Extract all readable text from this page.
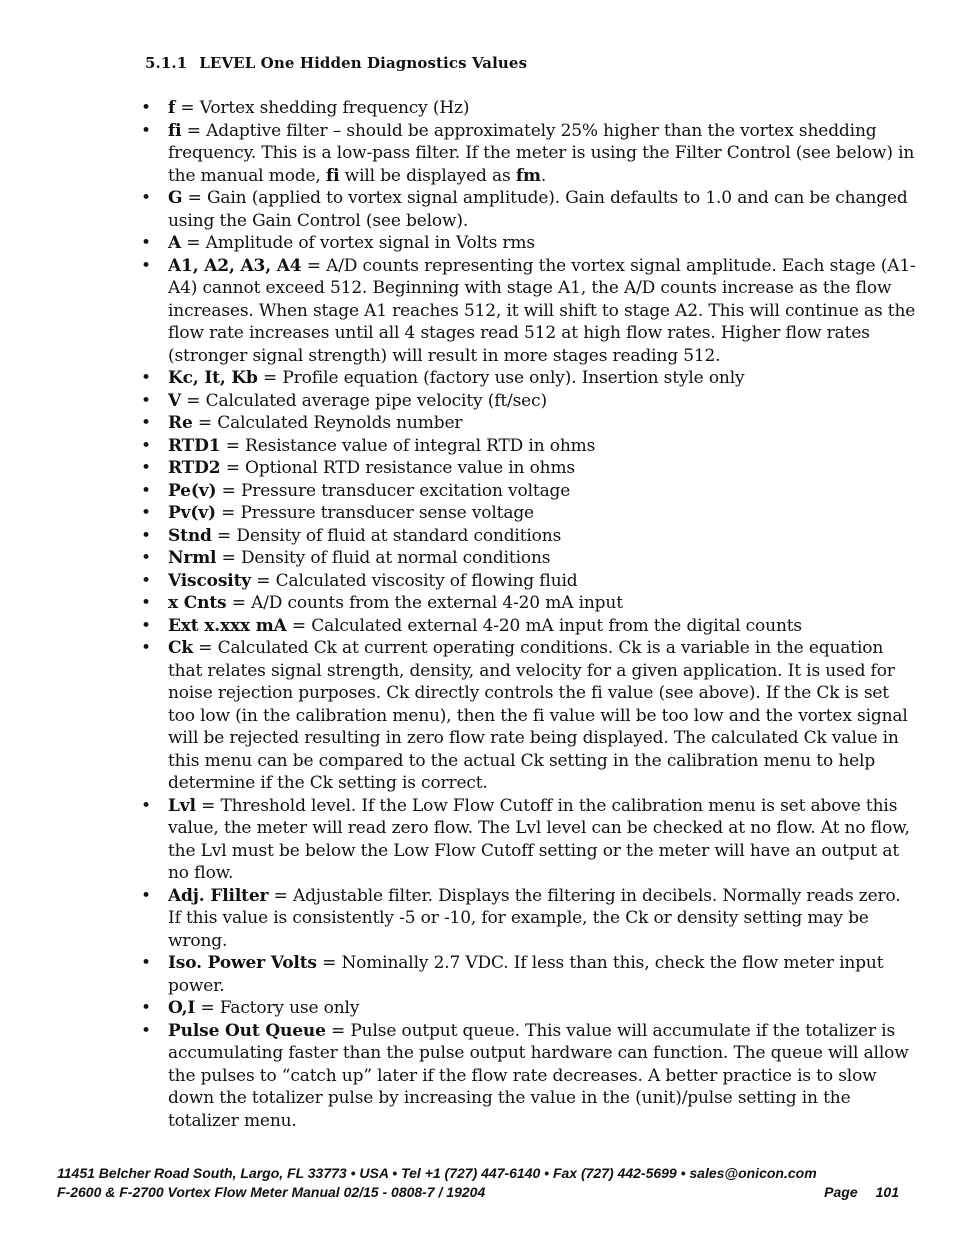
5.1.1 LEVEL One Hidden Diagnostics Values
• f = Vortex shedding frequency (Hz)
• fi = Adaptive filter – should be approximately 25% higher than the vortex shedding frequency. This is a low-pass filter. If the meter is using the Filter Control (see below) in the manual mode, fi will be displayed as fm.
• G = Gain (applied to vortex signal amplitude). Gain defaults to 1.0 and can be changed using the Gain Control (see below).
• A = Amplitude of vortex signal in Volts rms
• A1, A2, A3, A4 = A/D counts representing the vortex signal amplitude. Each stage (A1-A4) cannot exceed 512. Beginning with stage A1, the A/D counts increase as the flow increases. When stage A1 reaches 512, it will shift to stage A2. This will continue as the flow rate increases until all 4 stages read 512 at high flow rates. Higher flow rates (stronger signal strength) will result in more stages reading 512.
• Kc, It, Kb = Profile equation (factory use only). Insertion style only
• V = Calculated average pipe velocity (ft/sec)
• Re = Calculated Reynolds number
• RTD1 = Resistance value of integral RTD in ohms
• RTD2 = Optional RTD resistance value in ohms
• Pe(v) = Pressure transducer excitation voltage
• Pv(v) = Pressure transducer sense voltage
• Stnd = Density of fluid at standard conditions
• Nrml = Density of fluid at normal conditions
• Viscosity = Calculated viscosity of flowing fluid
• x Cnts = A/D counts from the external 4-20 mA input
• Ext x.xxx mA = Calculated external 4-20 mA input from the digital counts
• Ck = Calculated Ck at current operating conditions. Ck is a variable in the equation that relates signal strength, density, and velocity for a given application. It is used for noise rejection purposes. Ck directly controls the fi value (see above). If the Ck is set too low (in the calibration menu), then the fi value will be too low and the vortex signal will be rejected resulting in zero flow rate being displayed. The calculated Ck value in this menu can be compared to the actual Ck setting in the calibration menu to help determine if the Ck setting is correct.
• Lvl = Threshold level. If the Low Flow Cutoff in the calibration menu is set above this value, the meter will read zero flow. The Lvl level can be checked at no flow. At no flow, the Lvl must be below the Low Flow Cutoff setting or the meter will have an output at no flow.
• Adj. Flilter = Adjustable filter. Displays the filtering in decibels. Normally reads zero. If this value is consistently -5 or -10, for example, the Ck or density setting may be wrong.
• Iso. Power Volts = Nominally 2.7 VDC. If less than this, check the flow meter input power.
• O,I = Factory use only
• Pulse Out Queue = Pulse output queue. This value will accumulate if the totalizer is accumulating faster than the pulse output hardware can function. The queue will allow the pulses to “catch up” later if the flow rate decreases. A better practice is to slow down the totalizer pulse by increasing the value in the (unit)/pulse setting in the totalizer menu.
11451 Belcher Road South, Largo, FL 33773 • USA • Tel +1 (727) 447-6140 • Fax (727) 442-5699 • sales@onicon.com
F-2600 & F-2700 Vortex Flow Meter Manual 02/15 - 0808-7 / 19204	Page 101
